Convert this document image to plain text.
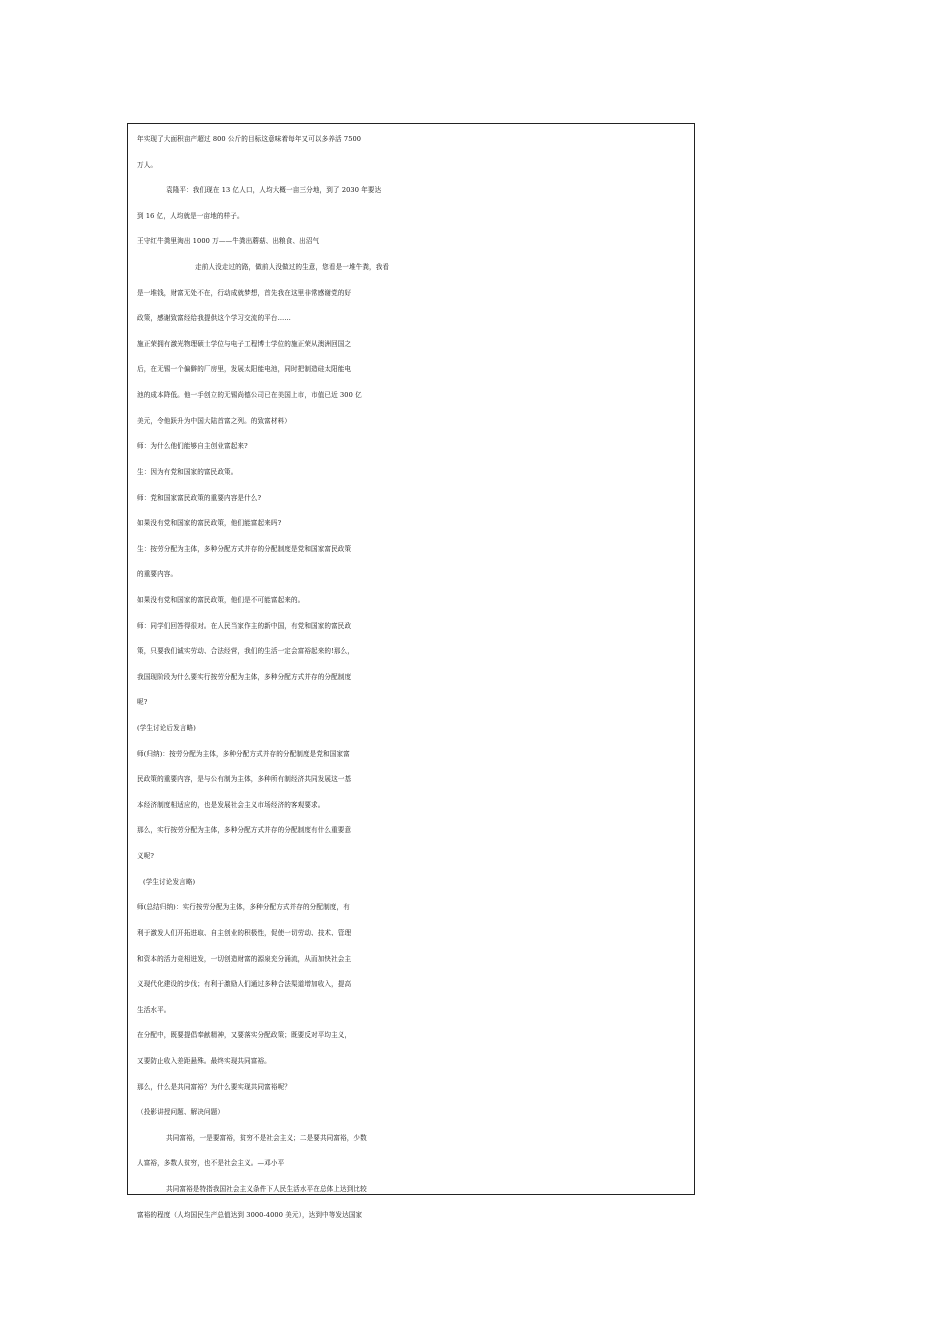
年实现了大面积亩产超过 800 公斤的目标这意味着每年又可以多养活 7500
万人。
袁隆平：我们现在 13 亿人口，人均大概一亩三分地，到了 2030 年要达
到 16 亿，人均就是一亩地的样子。
王守红牛粪里淘出 1000 万——牛粪出蘑菇、出粮食、出沼气
走前人没走过的路，做前人没做过的生意，您看是一堆牛粪，我看
是一堆钱，财富无处不在，行动成就梦想，首先我在这里非常感谢党的好
政策，感谢致富经给我提供这个学习交流的平台……
施正荣拥有激光物理硕士学位与电子工程博士学位的施正荣从澳洲回国之
后，在无锡一个偏僻的厂房里，发展太阳能电池，同时把制造硅太阳能电
池的成本降低。他一手创立的无锡尚德公司已在美国上市，市值已近 300 亿
美元，令他跃升为中国大陆首富之列。的致富材料）
师：为什么他们能够自主创业富起来?
生：因为有党和国家的富民政策。
师：党和国家富民政策的重要内容是什么?
如果没有党和国家的富民政策，他们能富起来吗?
生：按劳分配为主体，多种分配方式并存的分配制度是党和国家富民政策
的重要内容。
如果没有党和国家的富民政策，他们是不可能富起来的。
师：同学们回答得很对。在人民当家作主的新中国，有党和国家的富民政
策，只要我们诚实劳动、合法经营，我们的生活一定会富裕起来的!那么，
我国现阶段为什么要实行按劳分配为主体，多种分配方式并存的分配制度
呢?
(学生讨论后发言略)
师(归纳)：按劳分配为主体，多种分配方式并存的分配制度是党和国家富
民政策的重要内容，是与公有制为主体，多种所有制经济共同发展这一基
本经济制度相适应的，也是发展社会主义市场经济的客观要求。
那么，实行按劳分配为主体，多种分配方式并存的分配制度有什么重要意
义呢?
(学生讨论发言略)
师(总结归纳)：实行按劳分配为主体，多种分配方式并存的分配制度，有
利于激发人们开拓进取、自主创业的积极性，促使一切劳动、技术、管理
和资本的活力竞相迸发，一切创造财富的源泉充分涌流，从而加快社会主
义现代化建设的步伐；有利于激励人们通过多种合法渠道增加收入，提高
生活水平。
在分配中，既要提倡奉献精神，又要落实分配政策；既要反对平均主义，
又要防止收入差距悬殊。最终实现共同富裕。
那么，什么是共同富裕？为什么要实现共同富裕呢？
（投影讲授问题、解决问题）
共同富裕，一是要富裕，贫穷不是社会主义；二是要共同富裕，少数
人富裕，多数人贫穷，也不是社会主义。—邓小平
共同富裕是特指我国社会主义条件下人民生活水平在总体上达到比较
富裕的程度（人均国民生产总值达到 3000-4000 美元），达到中等发达国家
